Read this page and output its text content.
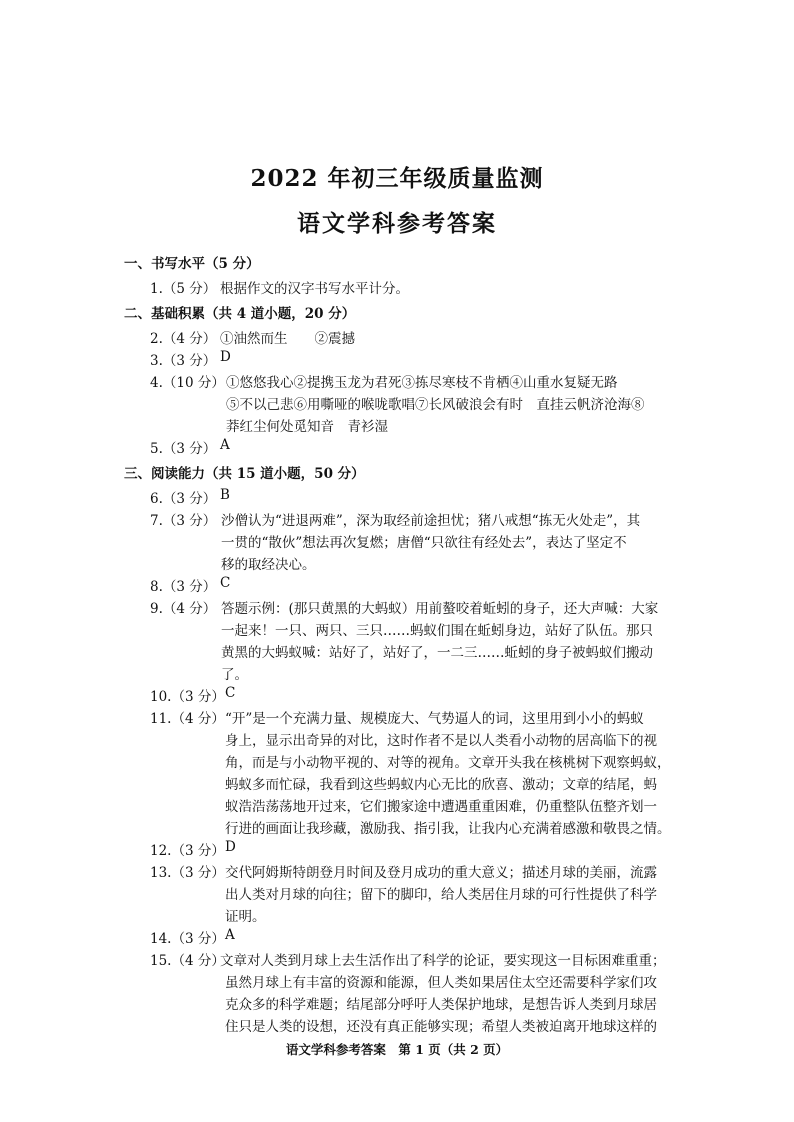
2022 年初三年级质量监测
语文学科参考答案
一、书写水平（5 分）
1.（5 分） 根据作文的汉字书写水平计分。
二、基础积累（共 4 道小题，20 分）
2.（4 分） ①油然而生　　②震撼
3.（3 分） D
4.（10 分） ①悠悠我心②提携玉龙为君死③拣尽寒枝不肯栖④山重水复疑无路
⑤不以己悲⑥用嘶哑的喉咙歌唱⑦长风破浪会有时　直挂云帆济沧海⑧
莽红尘何处觅知音　青衫湿
5.（3 分） A
三、阅读能力（共 15 道小题，50 分）
6.（3 分） B
7.（3 分） 沙僧认为“进退两难”，深为取经前途担忧；猪八戒想“拣无火处走”，其
一贯的“散伙”想法再次复燃；唐僧“只欲往有经处去”，表达了坚定不
移的取经决心。
8.（3 分） C
9.（4 分） 答题示例：(那只黄黑的大蚂蚁）用前螯咬着蚯蚓的身子，还大声喊：大家
一起来！一只、两只、三只……蚂蚁们围在蚯蚓身边，站好了队伍。那只
黄黑的大蚂蚁喊：站好了，站好了，一二三……蚯蚓的身子被蚂蚁们搬动
了。
10.（3 分） C
11.（4 分） “开”是一个充满力量、规模庞大、气势逼人的词，这里用到小小的蚂蚁
身上，显示出奇异的对比，这时作者不是以人类看小动物的居高临下的视
角，而是与小动物平视的、对等的视角。文章开头我在核桃树下观察蚂蚁，
蚂蚁多而忙碌，我看到这些蚂蚁内心无比的欣喜、激动；文章的结尾，蚂
蚁浩浩荡荡地开过来，它们搬家途中遭遇重重困难，仍重整队伍整齐划一
行进的画面让我珍藏，激励我、指引我，让我内心充满着感激和敬畏之情。
12.（3 分） D
13.（3 分） 交代阿姆斯特朗登月时间及登月成功的重大意义；描述月球的美丽，流露
出人类对月球的向往；留下的脚印，给人类居住月球的可行性提供了科学
证明。
14.（3 分） A
15.（4 分）
文章对人类到月球上去生活作出了科学的论证，要实现这一目标困难重重；
虽然月球上有丰富的资源和能源，但人类如果居住太空还需要科学家们攻
克众多的科学难题；结尾部分呼吁人类保护地球，是想告诉人类到月球居
住只是人类的设想，还没有真正能够实现；希望人类被迫离开地球这样的
语文学科参考答案　第 1 页（共 2 页）
